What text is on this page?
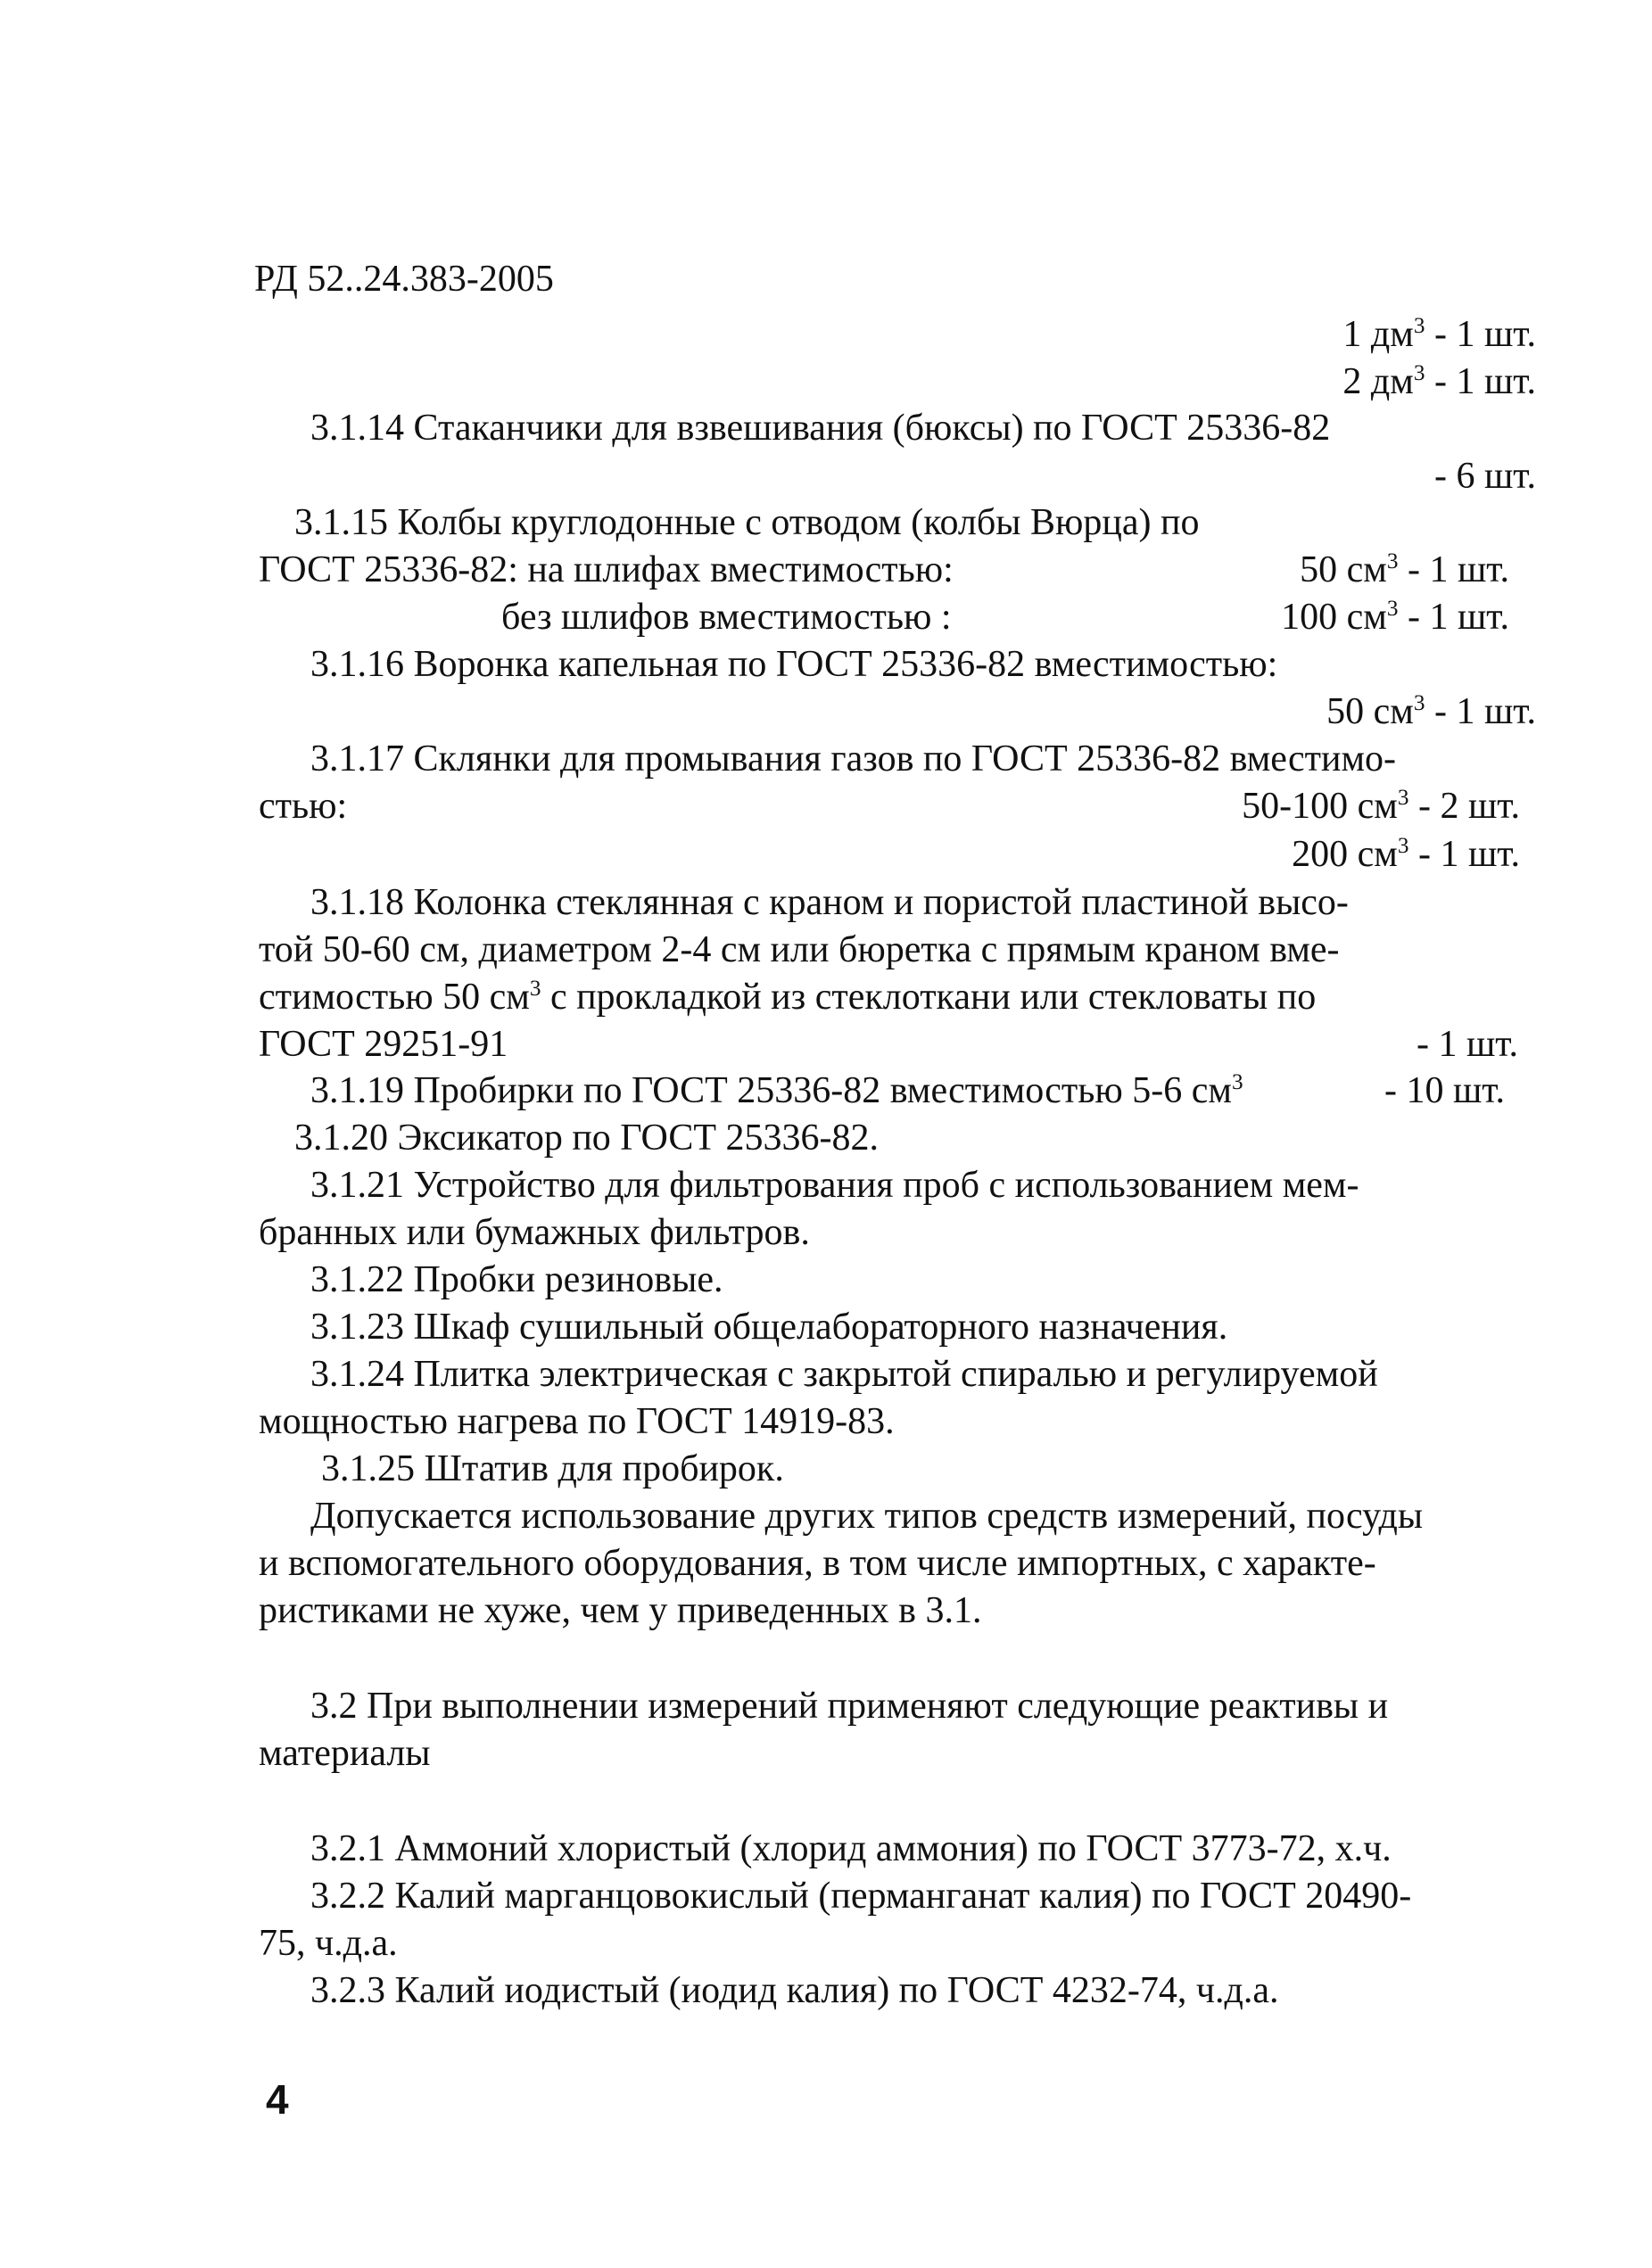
РД 52..24.383-2005
1 $дм^3 - 1$ шт.
2 $дм^3 - 1$ шт.
3.1.14 Стаканчики для взвешивания (бюксы) по ГОСТ 25336-82
- 6 шт.
3.1.15 Колбы круглодонные с отводом (колбы Вюрца) по
ГОСТ 25336-82: на шлифах вместимостью:	50 $см^3 - 1$ шт.
без шлифов вместимостью :	100 $см^3 - 1$ шт.
3.1.16 Воронка капельная по ГОСТ 25336-82 вместимостью:
50 $см^3 - 1$ шт.
3.1.17 Склянки для промывания газов по ГОСТ 25336-82 вместимо-
стью:	50-100 $см^3 - 2$ шт.
200 $см^3 - 1$ шт.
3.1.18 Колонка стеклянная с краном и пористой пластиной высо-
той 50-60 см, диаметром 2-4 см или бюретка с прямым краном вме-
стимостью 50 $см^3$ с прокладкой из стеклоткани или стекловаты по
ГОСТ 29251-91	- 1 шт.
3.1.19 Пробирки по ГОСТ 25336-82 вместимостью 5-6 $см^3$	- 10 шт.
3.1.20 Эксикатор по ГОСТ 25336-82.
3.1.21 Устройство для фильтрования проб с использованием мем-
бранных или бумажных фильтров.
3.1.22 Пробки резиновые.
3.1.23 Шкаф сушильный общелабораторного назначения.
3.1.24 Плитка электрическая с закрытой спиралью и регулируемой
мощностью нагрева по ГОСТ 14919-83.
3.1.25 Штатив для пробирок.
Допускается использование других типов средств измерений, посуды
и вспомогательного оборудования, в том числе импортных, с характе-
ристиками не хуже, чем у приведенных в 3.1.
3.2 При выполнении измерений применяют следующие реактивы и
материалы
3.2.1 Аммоний хлористый (хлорид аммония) по ГОСТ 3773-72, х.ч.
3.2.2 Калий марганцовокислый (перманганат калия) по ГОСТ 20490-
75, ч.д.а.
3.2.3 Калий иодистый (иодид калия) по ГОСТ 4232-74, ч.д.а.
4
